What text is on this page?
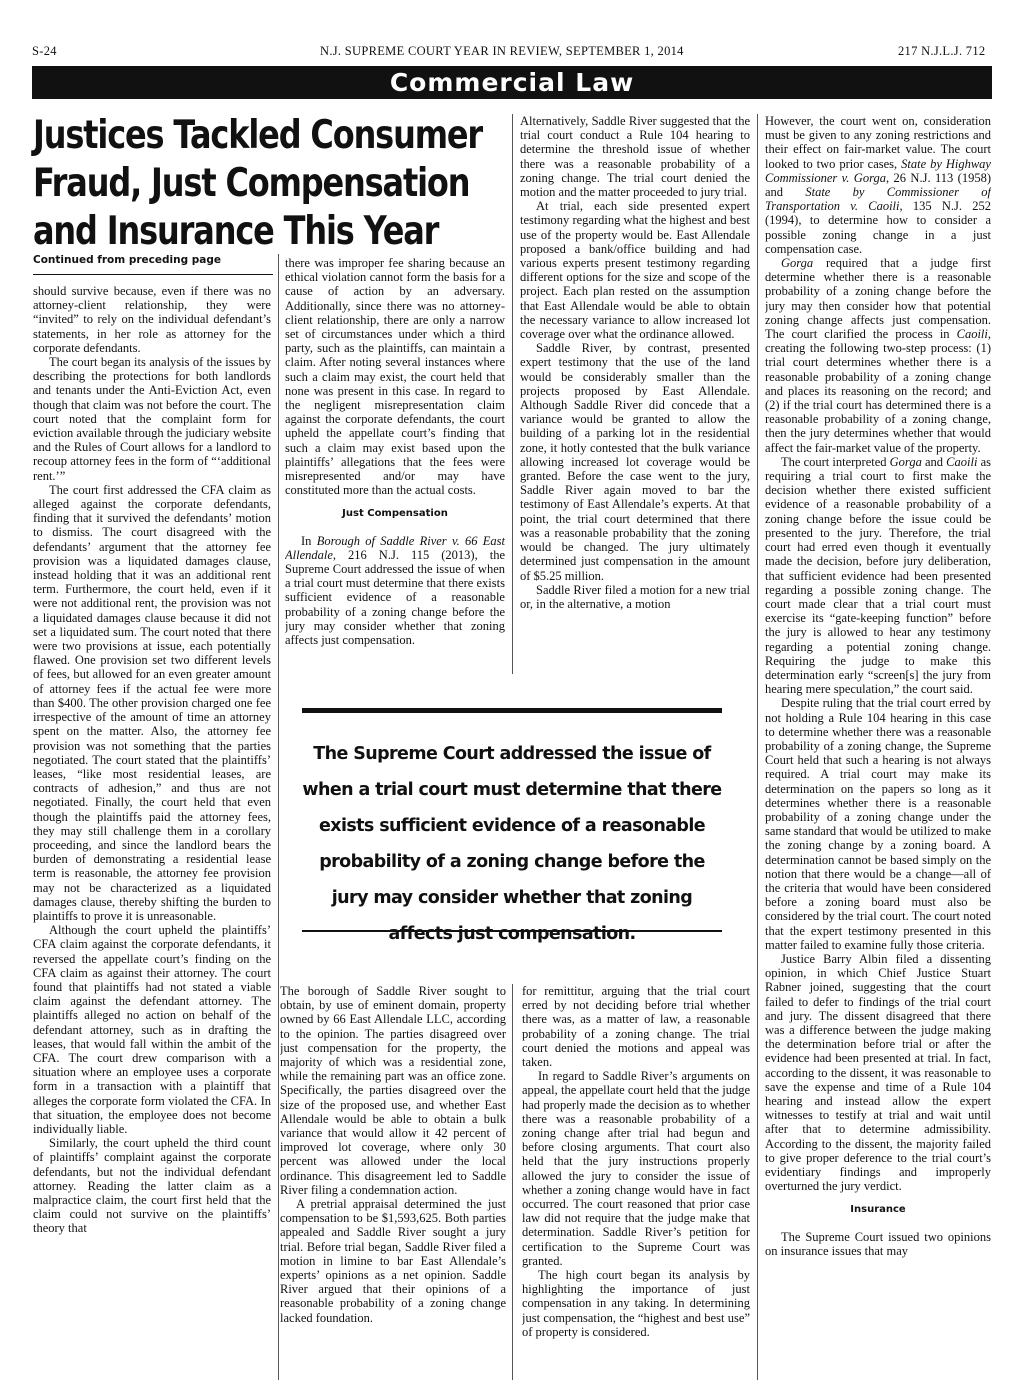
S-24	N.J. SUPREME COURT YEAR IN REVIEW, SEPTEMBER 1, 2014	217 N.J.L.J. 712
Commercial Law
Justices Tackled Consumer Fraud, Just Compensation and Insurance This Year
Continued from preceding page

should survive because, even if there was no attorney-client relationship, they were “invited” to rely on the individual defendant’s statements, in her role as attorney for the corporate defendants.

The court began its analysis of the issues by describing the protections for both landlords and tenants under the Anti-Eviction Act, even though that claim was not before the court. The court noted that the complaint form for eviction available through the judiciary website and the Rules of Court allows for a landlord to recoup attorney fees in the form of “‘additional rent.’”

The court first addressed the CFA claim as alleged against the corporate defendants, finding that it survived the defendants’ motion to dismiss. The court disagreed with the defendants’ argument that the attorney fee provision was a liquidated damages clause, instead holding that it was an additional rent term. Furthermore, the court held, even if it were not additional rent, the provision was not a liquidated damages clause because it did not set a liquidated sum. The court noted that there were two provisions at issue, each potentially flawed. One provision set two different levels of fees, but allowed for an even greater amount of attorney fees if the actual fee were more than $400. The other provision charged one fee irrespective of the amount of time an attorney spent on the matter. Also, the attorney fee provision was not something that the parties negotiated. The court stated that the plaintiffs’ leases, “like most residential leases, are contracts of adhesion,” and thus are not negotiated. Finally, the court held that even though the plaintiffs paid the attorney fees, they may still challenge them in a corollary proceeding, and since the landlord bears the burden of demonstrating a residential lease term is reasonable, the attorney fee provision may not be characterized as a liquidated damages clause, thereby shifting the burden to plaintiffs to prove it is unreasonable.

Although the court upheld the plaintiffs’ CFA claim against the corporate defendants, it reversed the appellate court’s finding on the CFA claim as against their attorney. The court found that plaintiffs had not stated a viable claim against the defendant attorney. The plaintiffs alleged no action on behalf of the defendant attorney, such as in drafting the leases, that would fall within the ambit of the CFA. The court drew comparison with a situation where an employee uses a corporate form in a transaction with a plaintiff that alleges the corporate form violated the CFA. In that situation, the employee does not become individually liable.

Similarly, the court upheld the third count of plaintiffs’ complaint against the corporate defendants, but not the individual defendant attorney. Reading the latter claim as a malpractice claim, the court first held that the claim could not survive on the plaintiffs’ theory that

there was improper fee sharing because an ethical violation cannot form the basis for a cause of action by an adversary. Additionally, since there was no attorney-client relationship, there are only a narrow set of circumstances under which a third party, such as the plaintiffs, can maintain a claim. After noting several instances where such a claim may exist, the court held that none was present in this case. In regard to the negligent misrepresentation claim against the corporate defendants, the court upheld the appellate court’s finding that such a claim may exist based upon the plaintiffs’ allegations that the fees were misrepresented and/or may have constituted more than the actual costs.

Just Compensation

In Borough of Saddle River v. 66 East Allendale, 216 N.J. 115 (2013), the Supreme Court addressed the issue of when a trial court must determine that there exists sufficient evidence of a reasonable probability of a zoning change before the jury may consider whether that zoning affects just compensation.

Alternatively, Saddle River suggested that the trial court conduct a Rule 104 hearing to determine the threshold issue of whether there was a reasonable probability of a zoning change. The trial court denied the motion and the matter proceeded to jury trial.

At trial, each side presented expert testimony regarding what the highest and best use of the property would be. East Allendale proposed a bank/office building and had various experts present testimony regarding different options for the size and scope of the project. Each plan rested on the assumption that East Allendale would be able to obtain the necessary variance to allow increased lot coverage over what the ordinance allowed.

Saddle River, by contrast, presented expert testimony that the use of the land would be considerably smaller than the projects proposed by East Allendale. Although Saddle River did concede that a variance would be granted to allow the building of a parking lot in the residential zone, it hotly contested that the bulk variance allowing increased lot coverage would be granted. Before the case went to the jury, Saddle River again moved to bar the testimony of East Allendale’s experts. At that point, the trial court determined that there was a reasonable probability that the zoning would be changed. The jury ultimately determined just compensation in the amount of $5.25 million.

Saddle River filed a motion for a new trial or, in the alternative, a motion

The Supreme Court addressed the issue of when a trial court must determine that there exists sufficient evidence of a reasonable probability of a zoning change before the jury may consider whether that zoning affects just compensation.

The borough of Saddle River sought to obtain, by use of eminent domain, property owned by 66 East Allendale LLC, according to the opinion. The parties disagreed over just compensation for the property, the majority of which was a residential zone, while the remaining part was an office zone. Specifically, the parties disagreed over the size of the proposed use, and whether East Allendale would be able to obtain a bulk variance that would allow it 42 percent of improved lot coverage, where only 30 percent was allowed under the local ordinance. This disagreement led to Saddle River filing a condemnation action.

A pretrial appraisal determined the just compensation to be $1,593,625. Both parties appealed and Saddle River sought a jury trial. Before trial began, Saddle River filed a motion in limine to bar East Allendale’s experts’ opinions as a net opinion. Saddle River argued that their opinions of a reasonable probability of a zoning change lacked foundation.

for remittitur, arguing that the trial court erred by not deciding before trial whether there was, as a matter of law, a reasonable probability of a zoning change. The trial court denied the motions and appeal was taken.

In regard to Saddle River’s arguments on appeal, the appellate court held that the judge had properly made the decision as to whether there was a reasonable probability of a zoning change after trial had begun and before closing arguments. That court also held that the jury instructions properly allowed the jury to consider the issue of whether a zoning change would have in fact occurred. The court reasoned that prior case law did not require that the judge make that determination. Saddle River’s petition for certification to the Supreme Court was granted.

The high court began its analysis by highlighting the importance of just compensation in any taking. In determining just compensation, the “highest and best use” of property is considered.

However, the court went on, consideration must be given to any zoning restrictions and their effect on fair-market value. The court looked to two prior cases, State by Highway Commissioner v. Gorga, 26 N.J. 113 (1958) and State by Commissioner of Transportation v. Caoili, 135 N.J. 252 (1994), to determine how to consider a possible zoning change in a just compensation case.

Gorga required that a judge first determine whether there is a reasonable probability of a zoning change before the jury may then consider how that potential zoning change affects just compensation. The court clarified the process in Caoili, creating the following two-step process: (1) trial court determines whether there is a reasonable probability of a zoning change and places its reasoning on the record; and (2) if the trial court has determined there is a reasonable probability of a zoning change, then the jury determines whether that would affect the fair-market value of the property.

The court interpreted Gorga and Caoili as requiring a trial court to first make the decision whether there existed sufficient evidence of a reasonable probability of a zoning change before the issue could be presented to the jury. Therefore, the trial court had erred even though it eventually made the decision, before jury deliberation, that sufficient evidence had been presented regarding a possible zoning change. The court made clear that a trial court must exercise its “gate-keeping function” before the jury is allowed to hear any testimony regarding a potential zoning change. Requiring the judge to make this determination early “screen[s] the jury from hearing mere speculation,” the court said.

Despite ruling that the trial court erred by not holding a Rule 104 hearing in this case to determine whether there was a reasonable probability of a zoning change, the Supreme Court held that such a hearing is not always required. A trial court may make its determination on the papers so long as it determines whether there is a reasonable probability of a zoning change under the same standard that would be utilized to make the zoning change by a zoning board. A determination cannot be based simply on the notion that there would be a change—all of the criteria that would have been considered before a zoning board must also be considered by the trial court. The court noted that the expert testimony presented in this matter failed to examine fully those criteria.

Justice Barry Albin filed a dissenting opinion, in which Chief Justice Stuart Rabner joined, suggesting that the court failed to defer to findings of the trial court and jury. The dissent disagreed that there was a difference between the judge making the determination before trial or after the evidence had been presented at trial. In fact, according to the dissent, it was reasonable to save the expense and time of a Rule 104 hearing and instead allow the expert witnesses to testify at trial and wait until after that to determine admissibility. According to the dissent, the majority failed to give proper deference to the trial court’s evidentiary findings and improperly overturned the jury verdict.

Insurance

The Supreme Court issued two opinions on insurance issues that may
